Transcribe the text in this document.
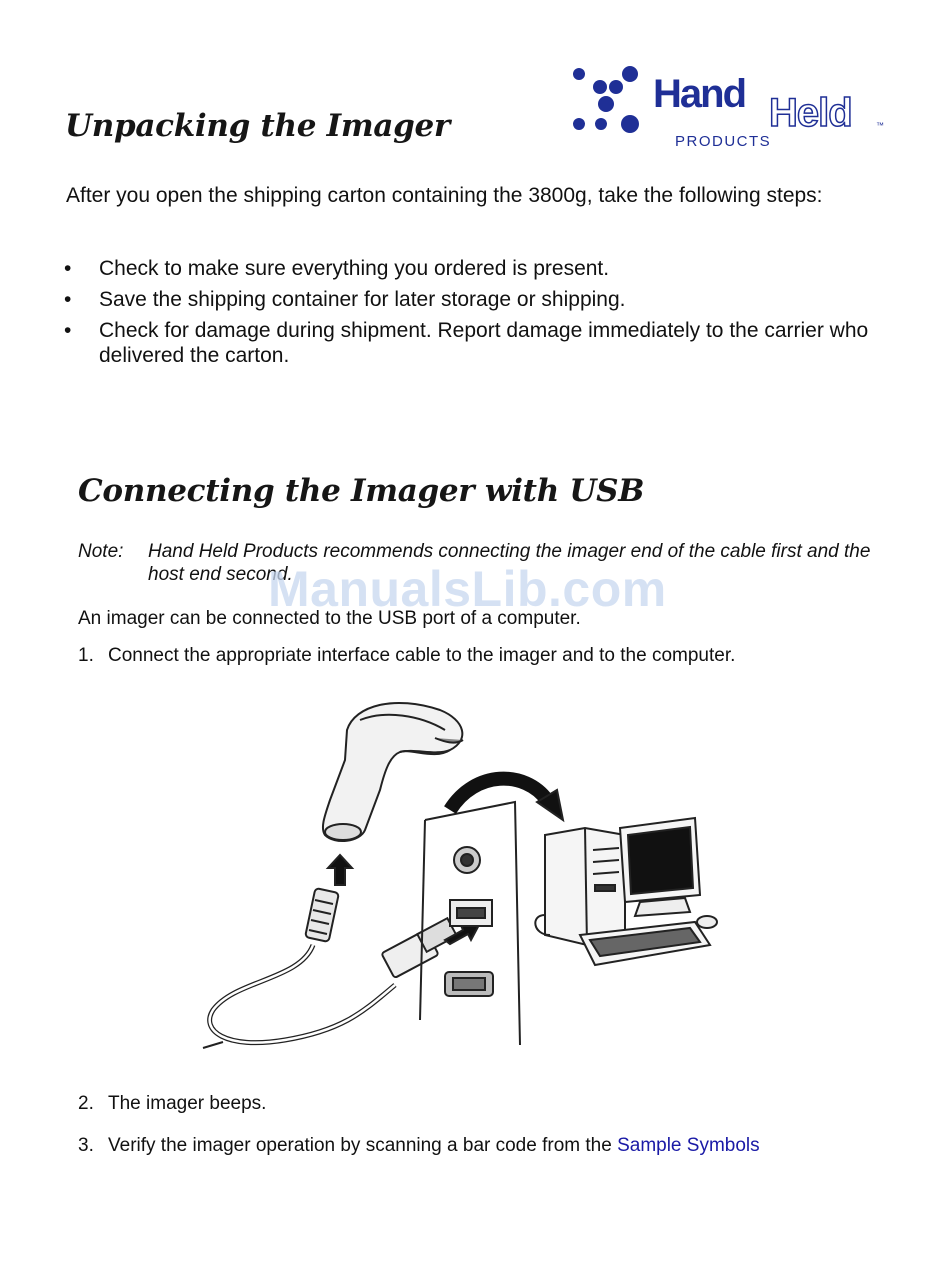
Hand Held	™
PRODUCTS
Unpacking the Imager
After you open the shipping carton containing the 3800g, take the following steps:
• Check to make sure everything you ordered is present.
• Save the shipping container for later storage or shipping.
• Check for damage during shipment. Report damage immediately to the carrier who delivered the carton.
Connecting the Imager with USB
Note: Hand Held Products recommends connecting the imager end of the cable first and the host end second.
ManualsLib.com
An imager can be connected to the USB port of a computer.
1. Connect the appropriate interface cable to the imager and to the computer.
2. The imager beeps.
3. Verify the imager operation by scanning a bar code from the Sample Symbols
